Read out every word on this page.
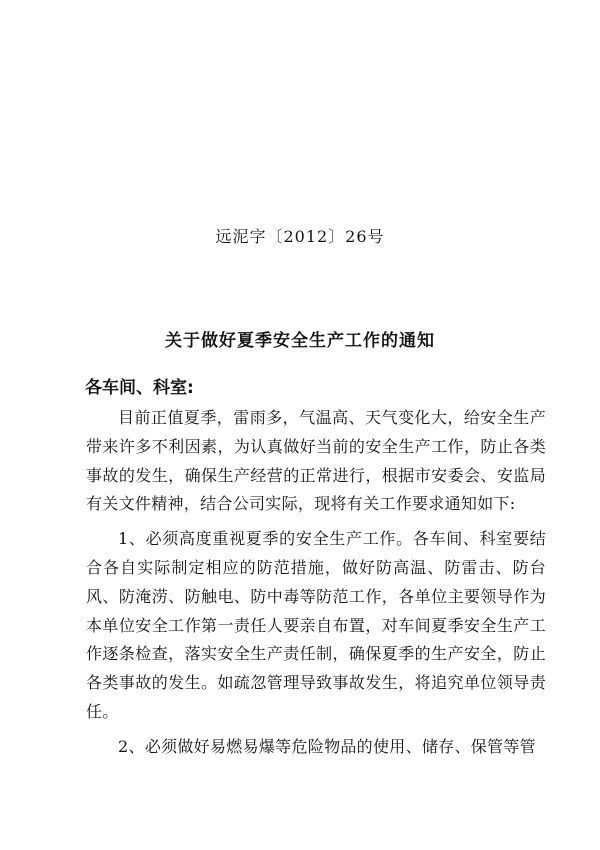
远泥字〔2012〕26号
关于做好夏季安全生产工作的通知
各车间、科室:

目前正值夏季，雷雨多，气温高、天气变化大，给安全生产带来许多不利因素，为认真做好当前的安全生产工作，防止各类事故的发生，确保生产经营的正常进行，根据市安委会、安监局有关文件精神，结合公司实际，现将有关工作要求通知如下:

1、必须高度重视夏季的安全生产工作。各车间、科室要结合各自实际制定相应的防范措施，做好防高温、防雷击、防台风、防淹涝、防触电、防中毒等防范工作，各单位主要领导作为本单位安全工作第一责任人要亲自布置，对车间夏季安全生产工作逐条检查，落实安全生产责任制，确保夏季的生产安全，防止各类事故的发生。如疏忽管理导致事故发生，将追究单位领导责任。

2、必须做好易燃易爆等危险物品的使用、储存、保管等管
